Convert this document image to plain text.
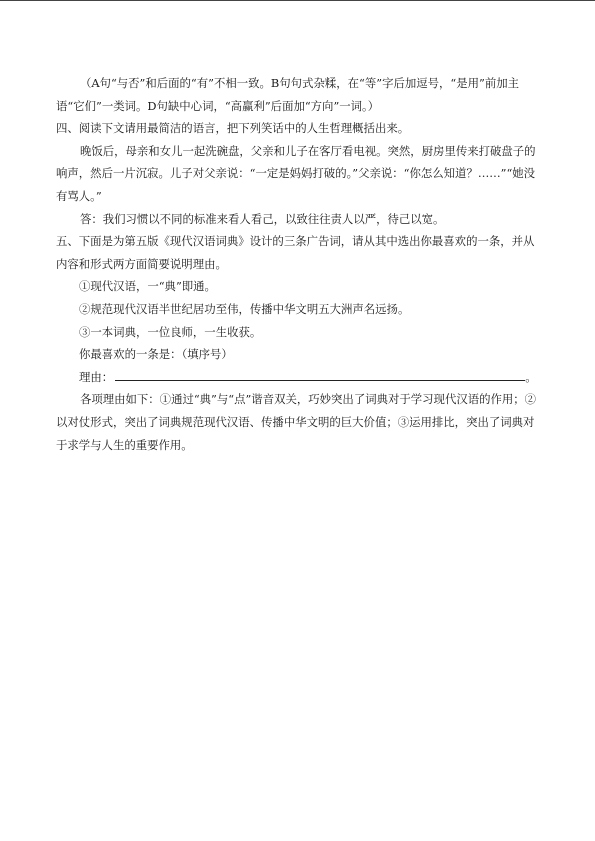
（A句“与否”和后面的“有”不相一致。B句句式杂糅，在“等”字后加逗号，“是用”前加主语“它们”一类词。D句缺中心词，“高赢利”后面加“方向”一词。）

四、阅读下文请用最简洁的语言，把下列笑话中的人生哲理概括出来。

晚饭后，母亲和女儿一起洗碗盘，父亲和儿子在客厅看电视。突然，厨房里传来打破盘子的响声，然后一片沉寂。儿子对父亲说：“一定是妈妈打破的。”父亲说：“你怎么知道？……”“她没有骂人。”

答：我们习惯以不同的标准来看人看己，以致往往责人以严，待己以宽。

五、下面是为第五版《现代汉语词典》设计的三条广告词，请从其中选出你最喜欢的一条，并从内容和形式两方面简要说明理由。

①现代汉语，一“典”即通。

②规范现代汉语半世纪居功至伟，传播中华文明五大洲声名远扬。

③一本词典，一位良师，一生收获。

你最喜欢的一条是：（填序号）

理由：	。

各项理由如下：①通过“典”与“点”谐音双关，巧妙突出了词典对于学习现代汉语的作用；②以对仗形式，突出了词典规范现代汉语、传播中华文明的巨大价值；③运用排比，突出了词典对于求学与人生的重要作用。
